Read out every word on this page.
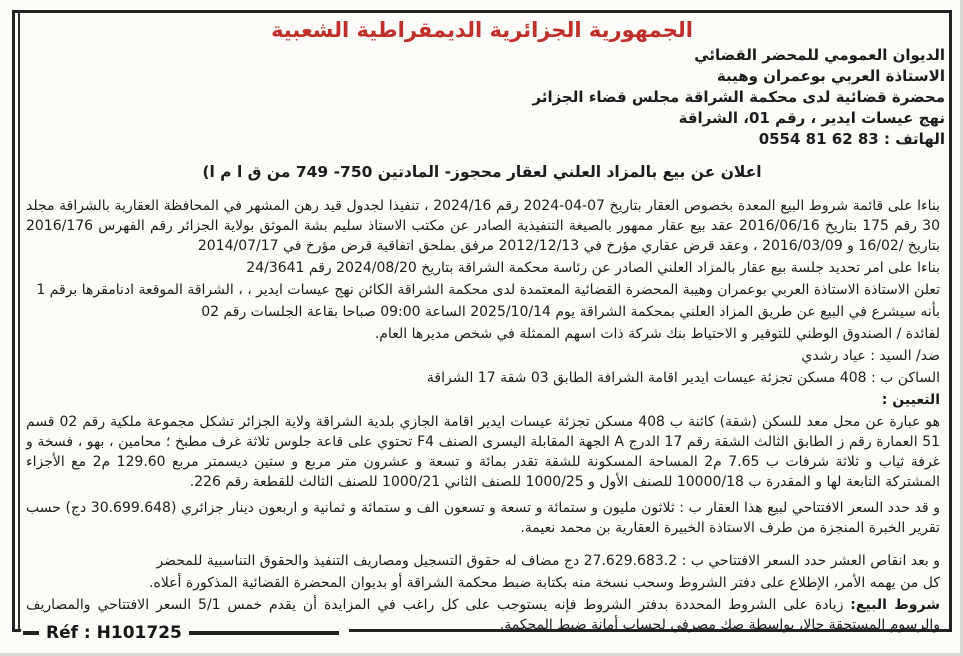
الجمهورية الجزائرية الديمقراطية الشعبية
الديوان العمومي للمحضر القضائي
الاستاذة العربي بوعمران وهيبة
محضرة قضائية لدى محكمة الشراقة مجلس قضاء الجزائر
نهج عيسات ايدير ، رقم 01، الشراقة
الهاتف : 0554 81 62 83
اعلان عن بيع بالمزاد العلني لعقار محجوز- المادتين ‎749 -750‎ من ق ا م ا)

بناءا على قائمة شروط البيع المعدة بخصوص العقار بتاريخ 07-04-2024 رقم 2024/16 ، تنفيذا لجدول قيد رهن المشهر في المحافظة العقارية بالشراقة مجلد 30 رقم 175 بتاريخ 2016/06/16 عقد بيع عقار ممهور بالصيغة التنفيذية الصادر عن مكتب الاستاذ سليم بشة الموثق بولاية الجزائر رقم الفهرس 2016/176 بتاريخ ‎16/02/‎ و 2016/03/09 ، وعقد قرض عقاري مؤرخ في 2012/12/13 مرفق بملحق اتفاقية قرض مؤرخ في 2014/07/17

بناءا على امر تحديد جلسة بيع عقار بالمزاد العلني الصادر عن رئاسة محكمة الشراقة بتاريخ 2024/08/20 رقم 24/3641

تعلن الاستاذة الاستاذة العربي بوعمران وهيبة المحضرة القضائية المعتمدة لدى محكمة الشراقة الكائن نهج عيسات ايدير ، ، الشراقة الموقعة ادنامقرها برقم 1

بأنه سيشرع في البيع عن طريق المزاد العلني بمحكمة الشراقة يوم 2025/10/14 الساعة 09:00 صباحا بقاعة الجلسات رقم 02

لفائدة / الصندوق الوطني للتوفير و الاحتياط بنك شركة ذات اسهم الممثلة في شخص مديرها العام.

ضد/ السيد : عياد رشدي

الساكن ب : 408 مسكن تجزئة عيسات ايدير اقامة الشرافة الطابق 03 شقة 17 الشراقة

التعيين :

هو عبارة عن محل معد للسكن (شقة) كائنة ب 408 مسكن تجزئة عيسات ايدير اقامة الجازي بلدية الشراقة ولاية الجزائر تشكل مجموعة ملكية رقم 02 قسم 51 العمارة رقم ز الطابق الثالث الشقة رقم 17 الدرج A الجهة المقابلة اليسرى الصنف F4 تحتوي على قاعة جلوس ثلاثة غرف مطبخ ؛ محامين ، بهو ، فسخة و غرفة ثياب و ثلاثة شرفات ب 7.65 م2 المساحة المسكونة للشقة تقدر بمائة و تسعة و عشرون متر مربع و ستين ديسمتر مربع 129.60 م2 مع الأجزاء المشتركة التابعة لها و المقدرة ب 10000/18 للصنف الأول و 1000/25 للصنف الثاني 1000/21 للصنف الثالث للقطعة رقم 226.

و قد حدد السعر الافتتاحي لبيع هذا العقار ب : ثلاثون مليون و ستمائة و تسعة و تسعون الف و ستمائة و ثمانية و اربعون دينار جزائري (30.699.648 دج) حسب تقرير الخبرة المنجزة من طرف الاستاذة الخبيرة العقارية بن محمد نعيمة.

و بعد انقاص العشر حدد السعر الافتتاحي ب : 27.629.683.2 دج مضاف له حقوق التسجيل ومصاريف التنفيذ والحقوق التناسبية للمحضر

كل من يهمه الأمر، الإطلاع على دفتر الشروط وسحب نسخة منه بكتابة ضبط محكمة الشراقة أو بديوان المحضرة القضائية المذكورة أعلاه.

شروط البيع: زيادة على الشروط المحددة بدفتر الشروط فإنه يستوجب على كل راغب في المزايدة أن يقدم خمس 5/1 السعر الافتتاحي والمصاريف والرسوم المستحقة حالا، بواسطة صك مصرفي لحساب أمانة ضبط المحكمة.

Réf : H101725
